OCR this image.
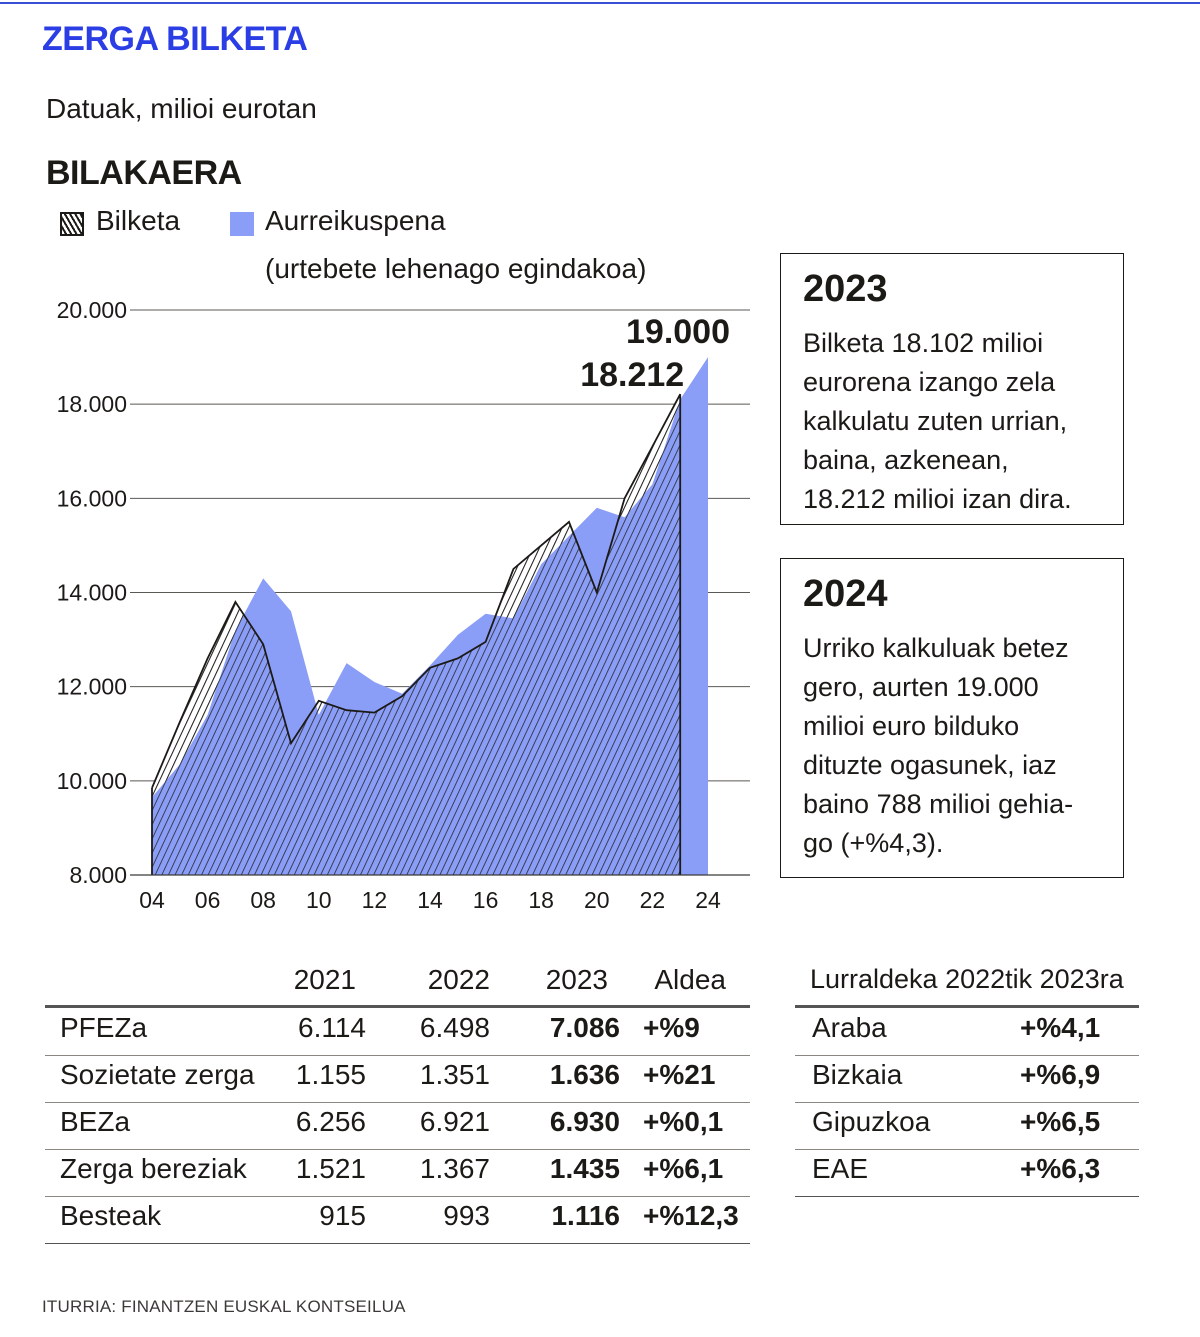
ZERGA BILKETA
Datuak, milioi eurotan
BILAKAERA
Bilketa	Aurreikuspena
(urtebete lehenago egindakoa)
8.000
10.000
12.000
14.000
16.000
18.000
20.000
04 06 08 10 12 14 16 18 20 22 24
18.212
19.000
2023
Bilketa 18.102 milioi
eurorena izango zela
kalkulatu zuten urrian,
baina, azkenean,
18.212 milioi izan dira.
2024
Urriko kalkuluak betez
gero, aurten 19.000
milioi euro bilduko
dituzte ogasunek, iaz
baino 788 milioi gehia-
go (+%4,3).
2021	2022	2023	Aldea
PFEZa	6.114	6.498	7.086 +%9
Sozietate zerga	1.155	1.351	1.636 +%21
BEZa	6.256	6.921	6.930 +%0,1
Zerga bereziak	1.521	1.367	1.435 +%6,1
Besteak	915	993	1.116 +%12,3
Lurraldeka 2022tik 2023ra
Araba	+%4,1
Bizkaia	+%6,9
Gipuzkoa	+%6,5
EAE	+%6,3
ITURRIA: FINANTZEN EUSKAL KONTSEILUA
